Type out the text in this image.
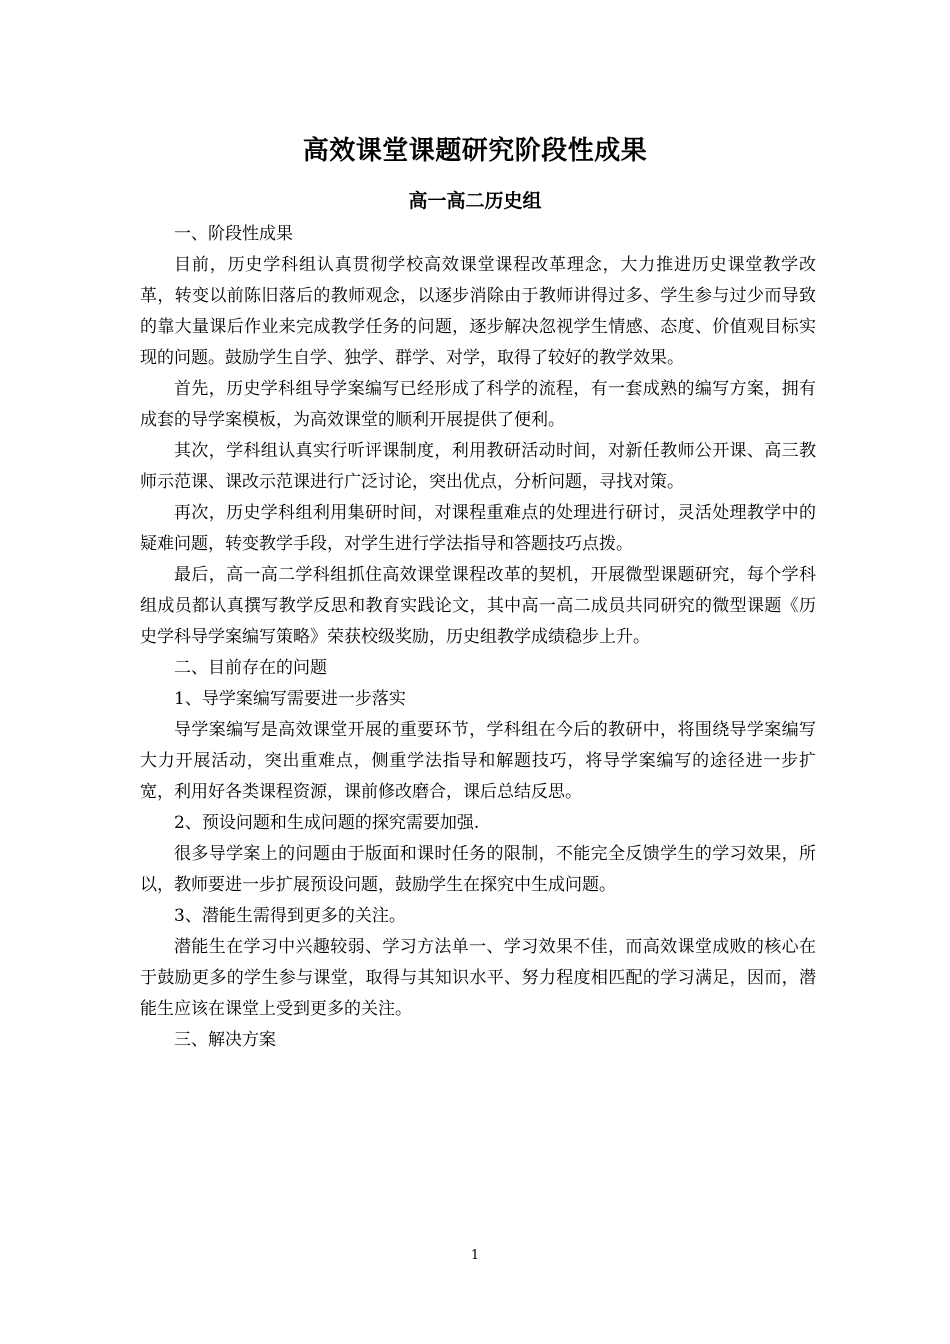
高效课堂课题研究阶段性成果
高一高二历史组

一、阶段性成果

目前，历史学科组认真贯彻学校高效课堂课程改革理念，大力推进历史课堂教学改革，转变以前陈旧落后的教师观念，以逐步消除由于教师讲得过多、学生参与过少而导致的靠大量课后作业来完成教学任务的问题，逐步解决忽视学生情感、态度、价值观目标实现的问题。鼓励学生自学、独学、群学、对学，取得了较好的教学效果。

首先，历史学科组导学案编写已经形成了科学的流程，有一套成熟的编写方案，拥有成套的导学案模板，为高效课堂的顺利开展提供了便利。

其次，学科组认真实行听评课制度，利用教研活动时间，对新任教师公开课、高三教师示范课、课改示范课进行广泛讨论，突出优点，分析问题，寻找对策。

再次，历史学科组利用集研时间，对课程重难点的处理进行研讨，灵活处理教学中的疑难问题，转变教学手段，对学生进行学法指导和答题技巧点拨。

最后，高一高二学科组抓住高效课堂课程改革的契机，开展微型课题研究，每个学科组成员都认真撰写教学反思和教育实践论文，其中高一高二成员共同研究的微型课题《历史学科导学案编写策略》荣获校级奖励，历史组教学成绩稳步上升。

二、目前存在的问题

1、导学案编写需要进一步落实

导学案编写是高效课堂开展的重要环节，学科组在今后的教研中，将围绕导学案编写大力开展活动，突出重难点，侧重学法指导和解题技巧，将导学案编写的途径进一步扩宽，利用好各类课程资源，课前修改磨合，课后总结反思。

2、预设问题和生成问题的探究需要加强.

很多导学案上的问题由于版面和课时任务的限制，不能完全反馈学生的学习效果，所以，教师要进一步扩展预设问题，鼓励学生在探究中生成问题。

3、潜能生需得到更多的关注。

潜能生在学习中兴趣较弱、学习方法单一、学习效果不佳，而高效课堂成败的核心在于鼓励更多的学生参与课堂，取得与其知识水平、努力程度相匹配的学习满足，因而，潜能生应该在课堂上受到更多的关注。

三、解决方案

1
